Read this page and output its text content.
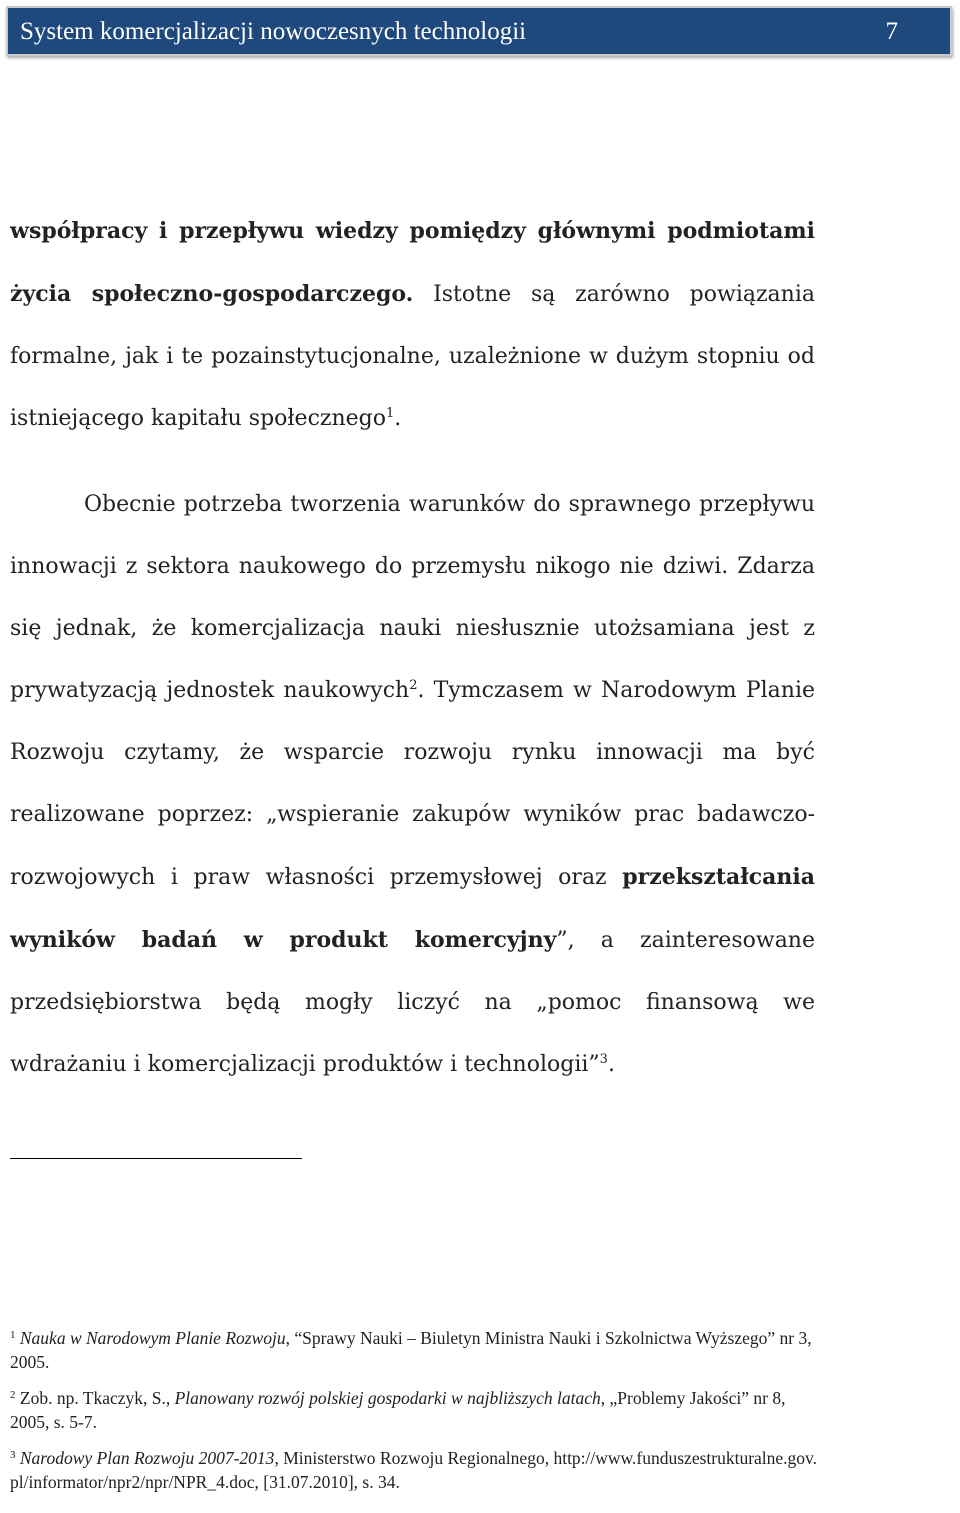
System komercjalizacji nowoczesnych technologii	7

współpracy i przepływu wiedzy pomiędzy głównymi podmiotami życia społeczno-gospodarczego. Istotne są zarówno powiązania formalne, jak i te pozainstytucjonalne, uzależnione w dużym stopniu od istniejącego kapitału społecznego$^1$.

Obecnie potrzeba tworzenia warunków do sprawnego przepływu innowacji z sektora naukowego do przemysłu nikogo nie dziwi. Zdarza się jednak, że komercjalizacja nauki niesłusznie utożsamiana jest z prywatyzacją jednostek naukowych$^2$. Tymczasem w Narodowym Planie Rozwoju czytamy, że wsparcie rozwoju rynku innowacji ma być realizowane poprzez: „wspieranie zakupów wyników prac badawczo-rozwojowych i praw własności przemysłowej oraz przekształcania wyników badań w produkt komercyjny”, a zainteresowane przedsiębiorstwa będą mogły liczyć na „pomoc finansową we wdrażaniu i komercjalizacji produktów i technologii”$^3$.

$^1$ Nauka w Narodowym Planie Rozwoju, “Sprawy Nauki – Biuletyn Ministra Nauki i Szkolnictwa Wyższego” nr 3, 2005.

$^2$ Zob. np. Tkaczyk, S., Planowany rozwój polskiej gospodarki w najbliższych latach, „Problemy Jakości” nr 8, 2005, s. 5-7.

$^3$ Narodowy Plan Rozwoju 2007-2013, Ministerstwo Rozwoju Regionalnego, http://www.funduszestrukturalne.gov.pl/informator/npr2/npr/NPR_4.doc, [31.07.2010], s. 34.
